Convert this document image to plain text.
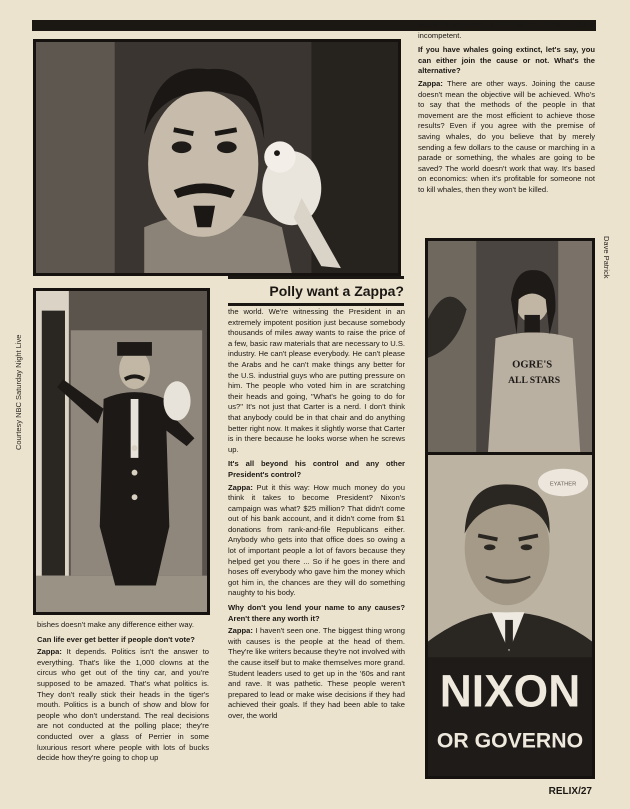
Polly want a Zappa?
Courtesy NBC Saturday Night Live
Dave Patrick
OGRE'S
ALL STARS
EYATHER
NIXON
OR GOVERNO

bishes doesn't make any difference either way.

Can life ever get better if people don't vote?

Zappa: It depends. Politics isn't the answer to everything. That's like the 1,000 clowns at the circus who get out of the tiny car, and you're supposed to be amazed. That's what politics is. They don't really stick their heads in the tiger's mouth. Politics is a bunch of show and blow for people who don't understand. The real decisions are not conducted at the polling place; they're conducted over a glass of Perrier in some luxurious resort where people with lots of bucks decide how they're going to chop up

the world. We're witnessing the President in an extremely impotent position just because somebody thousands of miles away wants to raise the price of a few, basic raw materials that are necessary to U.S. industry. He can't please everybody. He can't please the Arabs and he can't make things any better for the U.S. industrial guys who are putting pressure on him. The people who voted him in are scratching their heads and going, "What's he going to do for us?" It's not just that Carter is a nerd. I don't think that anybody could be in that chair and do anything better right now. It makes it slightly worse that Carter is in there because he looks worse when he screws up.

It's all beyond his control and any other President's control?

Zappa: Put it this way: How much money do you think it takes to become President? Nixon's campaign was what? $25 million? That didn't come out of his bank account, and it didn't come from $1 donations from rank-and-file Republicans either. Anybody who gets into that office does so owing a lot of important people a lot of favors because they helped get you there ... So if he goes in there and hoses off everybody who gave him the money which got him in, the chances are they will do something naughty to his body.

Why don't you lend your name to any causes? Aren't there any worth it?

Zappa: I haven't seen one. The biggest thing wrong with causes is the people at the head of them. They're like writers because they're not involved with the cause itself but to make themselves more grand. Student leaders used to get up in the '60s and rant and rave. It was pathetic. These people weren't prepared to lead or make wise decisions if they had achieved their goals. If they had been able to take over, the world

would have been a lot worse. They're totally incompetent.

If you have whales going extinct, let's say, you can either join the cause or not. What's the alternative?

Zappa: There are other ways. Joining the cause doesn't mean the objective will be achieved. Who's to say that the methods of the people in that movement are the most efficient to achieve those results? Even if you agree with the premise of saving whales, do you believe that by merely sending a few dollars to the cause or marching in a parade or something, the whales are going to be saved? The world doesn't work that way. It's based on economics: when it's profitable for someone not to kill whales, then they won't be killed.

RELIX/27
